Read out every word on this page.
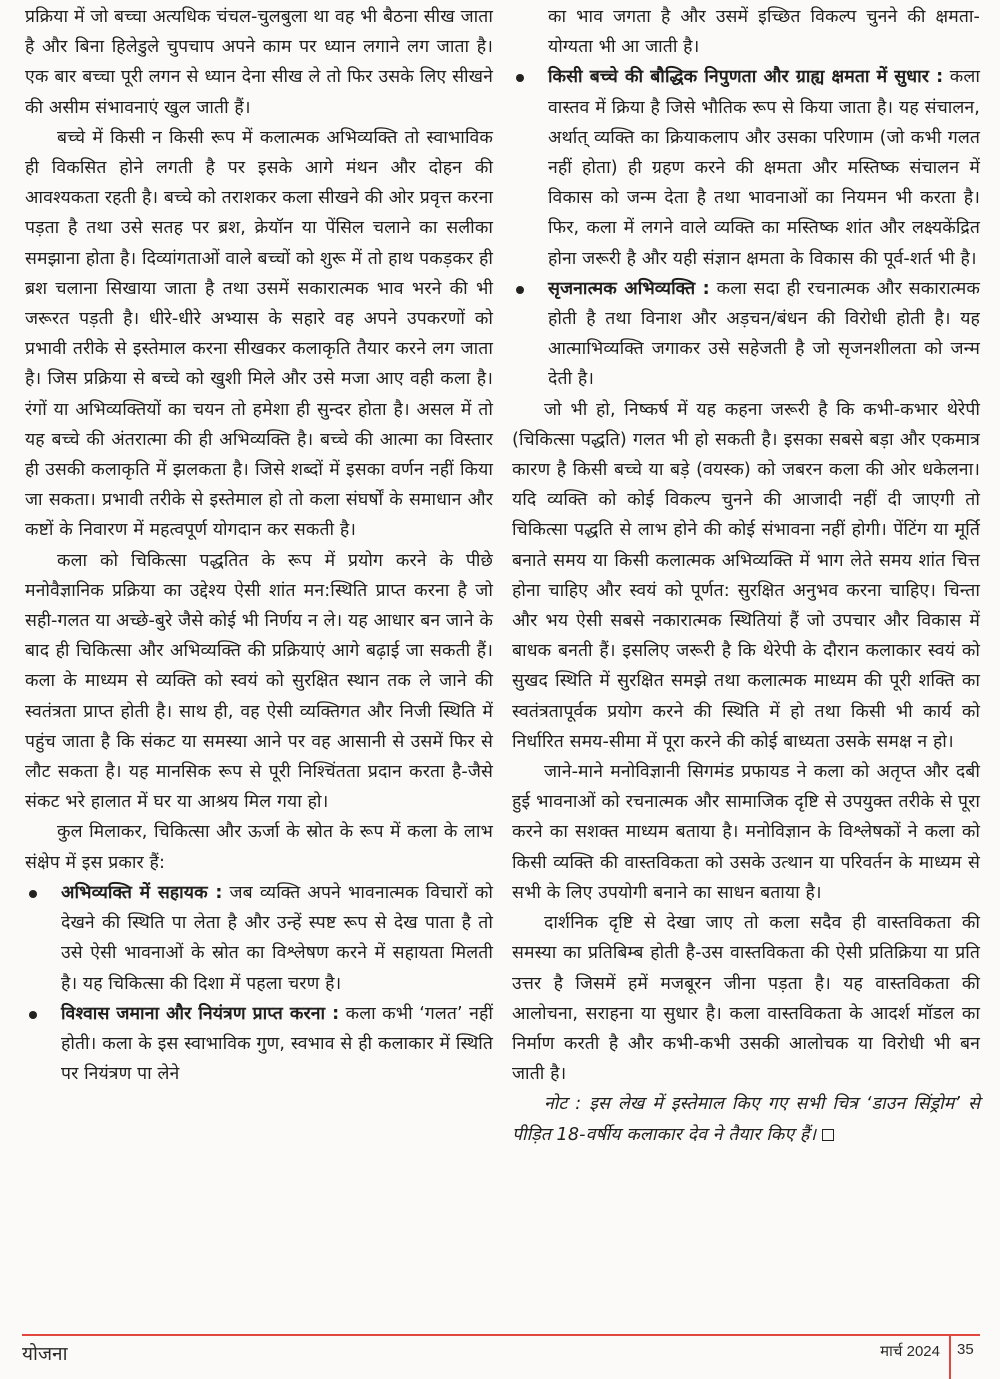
प्रक्रिया में जो बच्चा अत्यधिक चंचल-चुलबुला था वह भी बैठना सीख जाता है और बिना हिलेडुले चुपचाप अपने काम पर ध्यान लगाने लग जाता है। एक बार बच्चा पूरी लगन से ध्यान देना सीख ले तो फिर उसके लिए सीखने की असीम संभावनाएं खुल जाती हैं।

बच्चे में किसी न किसी रूप में कलात्मक अभिव्यक्ति तो स्वाभाविक ही विकसित होने लगती है पर इसके आगे मंथन और दोहन की आवश्यकता रहती है। बच्चे को तराशकर कला सीखने की ओर प्रवृत्त करना पड़ता है तथा उसे सतह पर ब्रश, क्रेयॉन या पेंसिल चलाने का सलीका समझाना होता है। दिव्यांगताओं वाले बच्चों को शुरू में तो हाथ पकड़कर ही ब्रश चलाना सिखाया जाता है तथा उसमें सकारात्मक भाव भरने की भी जरूरत पड़ती है। धीरे-धीरे अभ्यास के सहारे वह अपने उपकरणों को प्रभावी तरीके से इस्तेमाल करना सीखकर कलाकृति तैयार करने लग जाता है। जिस प्रक्रिया से बच्चे को खुशी मिले और उसे मजा आए वही कला है। रंगों या अभिव्यक्तियों का चयन तो हमेशा ही सुन्दर होता है। असल में तो यह बच्चे की अंतरात्मा की ही अभिव्यक्ति है। बच्चे की आत्मा का विस्तार ही उसकी कलाकृति में झलकता है। जिसे शब्दों में इसका वर्णन नहीं किया जा सकता। प्रभावी तरीके से इस्तेमाल हो तो कला संघर्षों के समाधान और कष्टों के निवारण में महत्वपूर्ण योगदान कर सकती है।

कला को चिकित्सा पद्धतित के रूप में प्रयोग करने के पीछे मनोवैज्ञानिक प्रक्रिया का उद्देश्य ऐसी शांत मन:स्थिति प्राप्त करना है जो सही-गलत या अच्छे-बुरे जैसे कोई भी निर्णय न ले। यह आधार बन जाने के बाद ही चिकित्सा और अभिव्यक्ति की प्रक्रियाएं आगे बढ़ाई जा सकती हैं। कला के माध्यम से व्यक्ति को स्वयं को सुरक्षित स्थान तक ले जाने की स्वतंत्रता प्राप्त होती है। साथ ही, वह ऐसी व्यक्तिगत और निजी स्थिति में पहुंच जाता है कि संकट या समस्या आने पर वह आसानी से उसमें फिर से लौट सकता है। यह मानसिक रूप से पूरी निश्चिंतता प्रदान करता है-जैसे संकट भरे हालात में घर या आश्रय मिल गया हो।

कुल मिलाकर, चिकित्सा और ऊर्जा के स्रोत के रूप में कला के लाभ संक्षेप में इस प्रकार हैं:

अभिव्यक्ति में सहायक : जब व्यक्ति अपने भावनात्मक विचारों को देखने की स्थिति पा लेता है और उन्हें स्पष्ट रूप से देख पाता है तो उसे ऐसी भावनाओं के स्रोत का विश्लेषण करने में सहायता मिलती है। यह चिकित्सा की दिशा में पहला चरण है।
विश्वास जमाना और नियंत्रण प्राप्त करना : कला कभी ‘गलत’ नहीं होती। कला के इस स्वाभाविक गुण, स्वभाव से ही कलाकार में स्थिति पर नियंत्रण पा लेने

का भाव जगता है और उसमें इच्छित विकल्प चुनने की क्षमता-योग्यता भी आ जाती है।

किसी बच्चे की बौद्धिक निपुणता और ग्राह्य क्षमता में सुधार : कला वास्तव में क्रिया है जिसे भौतिक रूप से किया जाता है। यह संचालन, अर्थात् व्यक्ति का क्रियाकलाप और उसका परिणाम (जो कभी गलत नहीं होता) ही ग्रहण करने की क्षमता और मस्तिष्क संचालन में विकास को जन्म देता है तथा भावनाओं का नियमन भी करता है। फिर, कला में लगने वाले व्यक्ति का मस्तिष्क शांत और लक्ष्यकेंद्रित होना जरूरी है और यही संज्ञान क्षमता के विकास की पूर्व-शर्त भी है।
सृजनात्मक अभिव्यक्ति : कला सदा ही रचनात्मक और सकारात्मक होती है तथा विनाश और अड़चन/बंधन की विरोधी होती है। यह आत्माभिव्यक्ति जगाकर उसे सहेजती है जो सृजनशीलता को जन्म देती है।

जो भी हो, निष्कर्ष में यह कहना जरूरी है कि कभी-कभार थेरेपी (चिकित्सा पद्धति) गलत भी हो सकती है। इसका सबसे बड़ा और एकमात्र कारण है किसी बच्चे या बड़े (वयस्क) को जबरन कला की ओर धकेलना। यदि व्यक्ति को कोई विकल्प चुनने की आजादी नहीं दी जाएगी तो चिकित्सा पद्धति से लाभ होने की कोई संभावना नहीं होगी। पेंटिंग या मूर्ति बनाते समय या किसी कलात्मक अभिव्यक्ति में भाग लेते समय शांत चित्त होना चाहिए और स्वयं को पूर्णत: सुरक्षित अनुभव करना चाहिए। चिन्ता और भय ऐसी सबसे नकारात्मक स्थितियां हैं जो उपचार और विकास में बाधक बनती हैं। इसलिए जरूरी है कि थेरेपी के दौरान कलाकार स्वयं को सुखद स्थिति में सुरक्षित समझे तथा कलात्मक माध्यम की पूरी शक्ति का स्वतंत्रतापूर्वक प्रयोग करने की स्थिति में हो तथा किसी भी कार्य को निर्धारित समय-सीमा में पूरा करने की कोई बाध्यता उसके समक्ष न हो।

जाने-माने मनोविज्ञानी सिगमंड प्रफायड ने कला को अतृप्त और दबी हुई भावनाओं को रचनात्मक और सामाजिक दृष्टि से उपयुक्त तरीके से पूरा करने का सशक्त माध्यम बताया है। मनोविज्ञान के विश्लेषकों ने कला को किसी व्यक्ति की वास्तविकता को उसके उत्थान या परिवर्तन के माध्यम से सभी के लिए उपयोगी बनाने का साधन बताया है।

दार्शनिक दृष्टि से देखा जाए तो कला सदैव ही वास्तविकता की समस्या का प्रतिबिम्ब होती है-उस वास्तविकता की ऐसी प्रतिक्रिया या प्रति उत्तर है जिसमें हमें मजबूरन जीना पड़ता है। यह वास्तविकता की आलोचना, सराहना या सुधार है। कला वास्तविकता के आदर्श मॉडल का निर्माण करती है और कभी-कभी उसकी आलोचक या विरोधी भी बन जाती है।

नोट : इस लेख में इस्तेमाल किए गए सभी चित्र ‘डाउन सिंड्रोम’ से पीड़ित 18-वर्षीय कलाकार देव ने तैयार किए हैं।

योजना	मार्च 2024 35
